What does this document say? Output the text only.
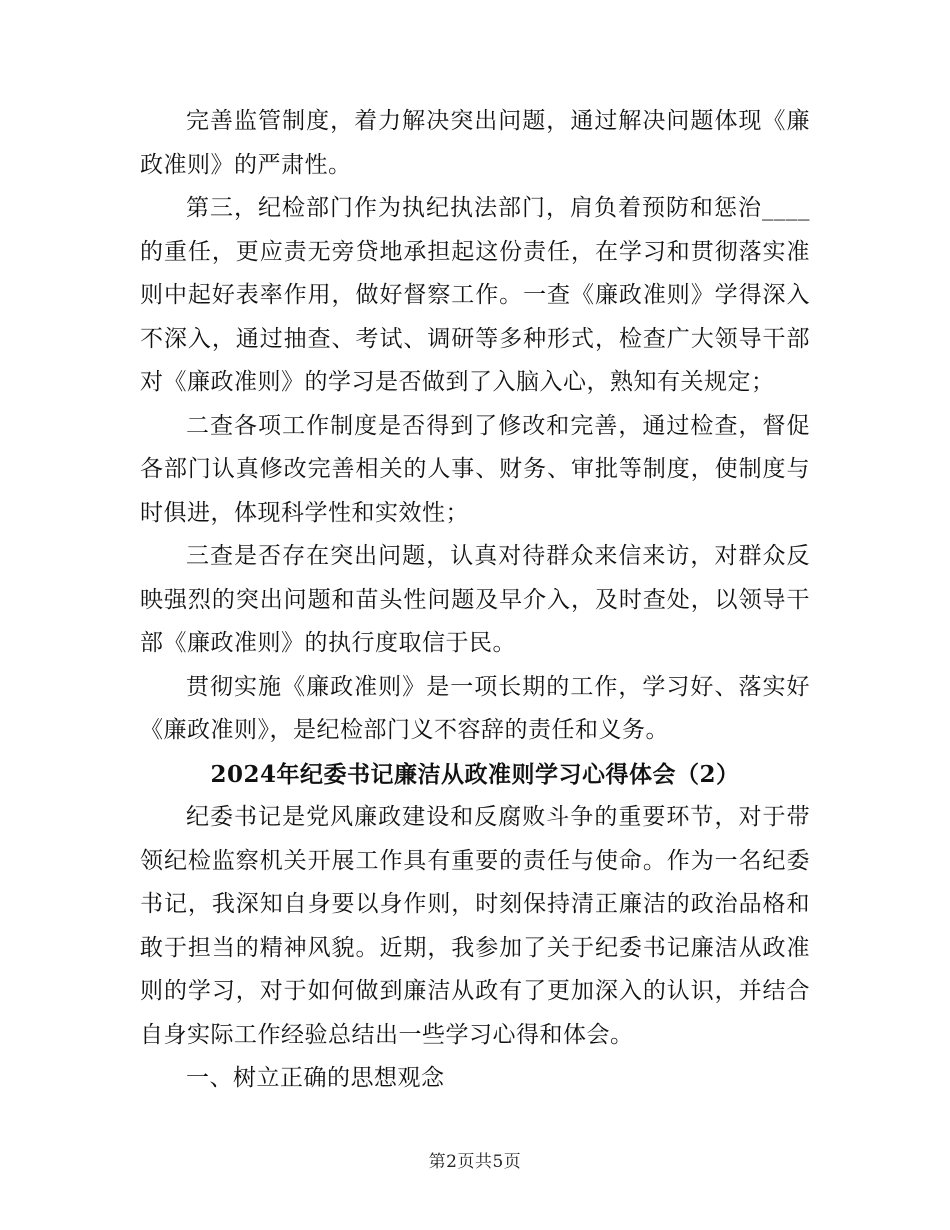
完善监管制度，着力解决突出问题，通过解决问题体现《廉政准则》的严肃性。

第三，纪检部门作为执纪执法部门，肩负着预防和惩治____的重任，更应责无旁贷地承担起这份责任，在学习和贯彻落实准则中起好表率作用，做好督察工作。一查《廉政准则》学得深入不深入，通过抽查、考试、调研等多种形式，检查广大领导干部对《廉政准则》的学习是否做到了入脑入心，熟知有关规定；

二查各项工作制度是否得到了修改和完善，通过检查，督促各部门认真修改完善相关的人事、财务、审批等制度，使制度与时俱进，体现科学性和实效性；

三查是否存在突出问题，认真对待群众来信来访，对群众反映强烈的突出问题和苗头性问题及早介入，及时查处，以领导干部《廉政准则》的执行度取信于民。

贯彻实施《廉政准则》是一项长期的工作，学习好、落实好《廉政准则》，是纪检部门义不容辞的责任和义务。

2024年纪委书记廉洁从政准则学习心得体会（2）

纪委书记是党风廉政建设和反腐败斗争的重要环节，对于带领纪检监察机关开展工作具有重要的责任与使命。作为一名纪委书记，我深知自身要以身作则，时刻保持清正廉洁的政治品格和敢于担当的精神风貌。近期，我参加了关于纪委书记廉洁从政准则的学习，对于如何做到廉洁从政有了更加深入的认识，并结合自身实际工作经验总结出一些学习心得和体会。

一、树立正确的思想观念

第2页共5页
